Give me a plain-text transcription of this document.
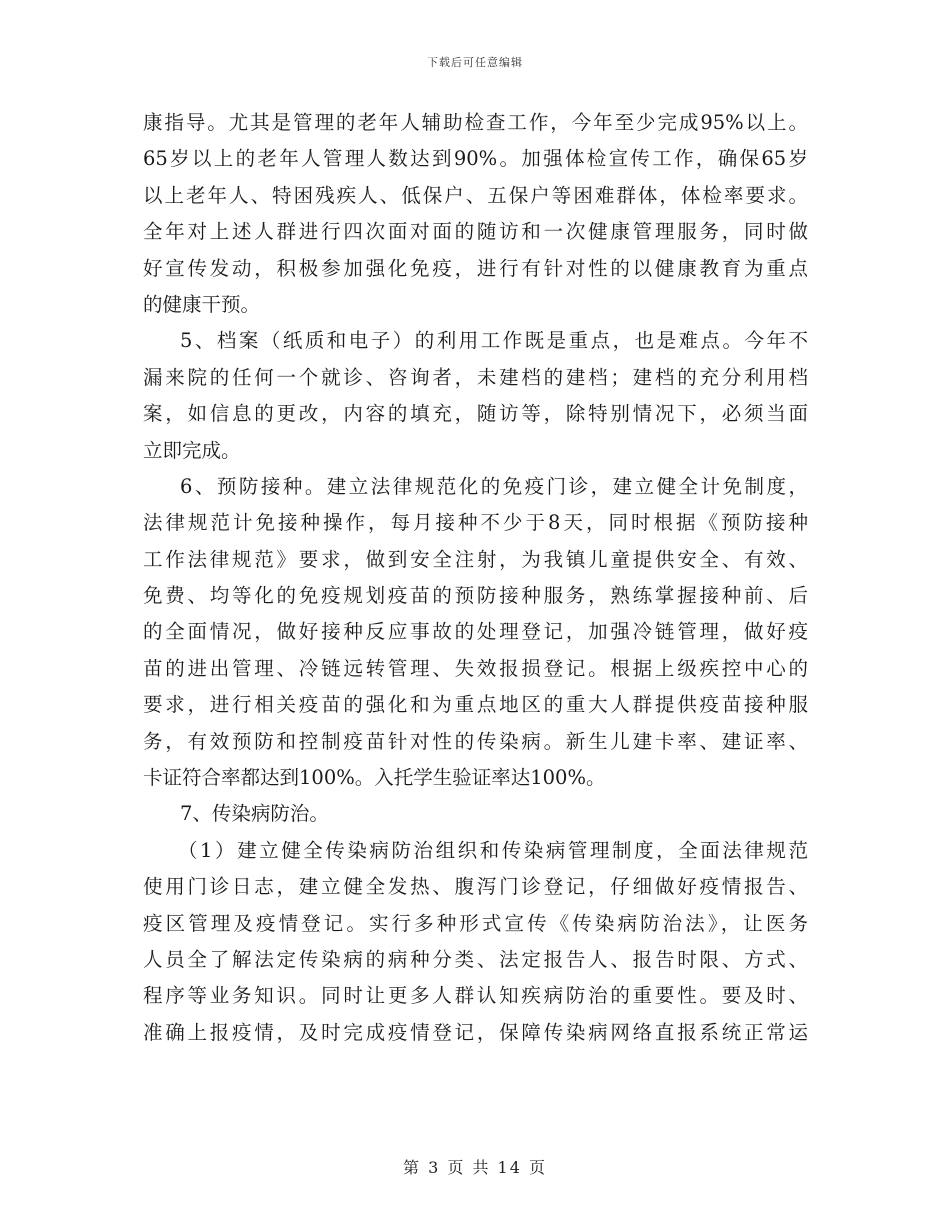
下载后可任意编辑
康指导。尤其是管理的老年人辅助检查工作，今年至少完成95%以上。
65岁以上的老年人管理人数达到90%。加强体检宣传工作，确保65岁
以上老年人、特困残疾人、低保户、五保户等困难群体，体检率要求。
全年对上述人群进行四次面对面的随访和一次健康管理服务，同时做
好宣传发动，积极参加强化免疫，进行有针对性的以健康教育为重点
的健康干预。
5、档案（纸质和电子）的利用工作既是重点，也是难点。今年不
漏来院的任何一个就诊、咨询者，未建档的建档；建档的充分利用档
案，如信息的更改，内容的填充，随访等，除特别情况下，必须当面
立即完成。
6、预防接种。建立法律规范化的免疫门诊，建立健全计免制度，
法律规范计免接种操作，每月接种不少于8天，同时根据《预防接种
工作法律规范》要求，做到安全注射，为我镇儿童提供安全、有效、
免费、均等化的免疫规划疫苗的预防接种服务，熟练掌握接种前、后
的全面情况，做好接种反应事故的处理登记，加强冷链管理，做好疫
苗的进出管理、冷链远转管理、失效报损登记。根据上级疾控中心的
要求，进行相关疫苗的强化和为重点地区的重大人群提供疫苗接种服
务，有效预防和控制疫苗针对性的传染病。新生儿建卡率、建证率、
卡证符合率都达到100%。入托学生验证率达100%。
7、传染病防治。
（1）建立健全传染病防治组织和传染病管理制度，全面法律规范
使用门诊日志，建立健全发热、腹泻门诊登记，仔细做好疫情报告、
疫区管理及疫情登记。实行多种形式宣传《传染病防治法》，让医务
人员全了解法定传染病的病种分类、法定报告人、报告时限、方式、
程序等业务知识。同时让更多人群认知疾病防治的重要性。要及时、
准确上报疫情，及时完成疫情登记，保障传染病网络直报系统正常运
第 3 页 共 14 页
